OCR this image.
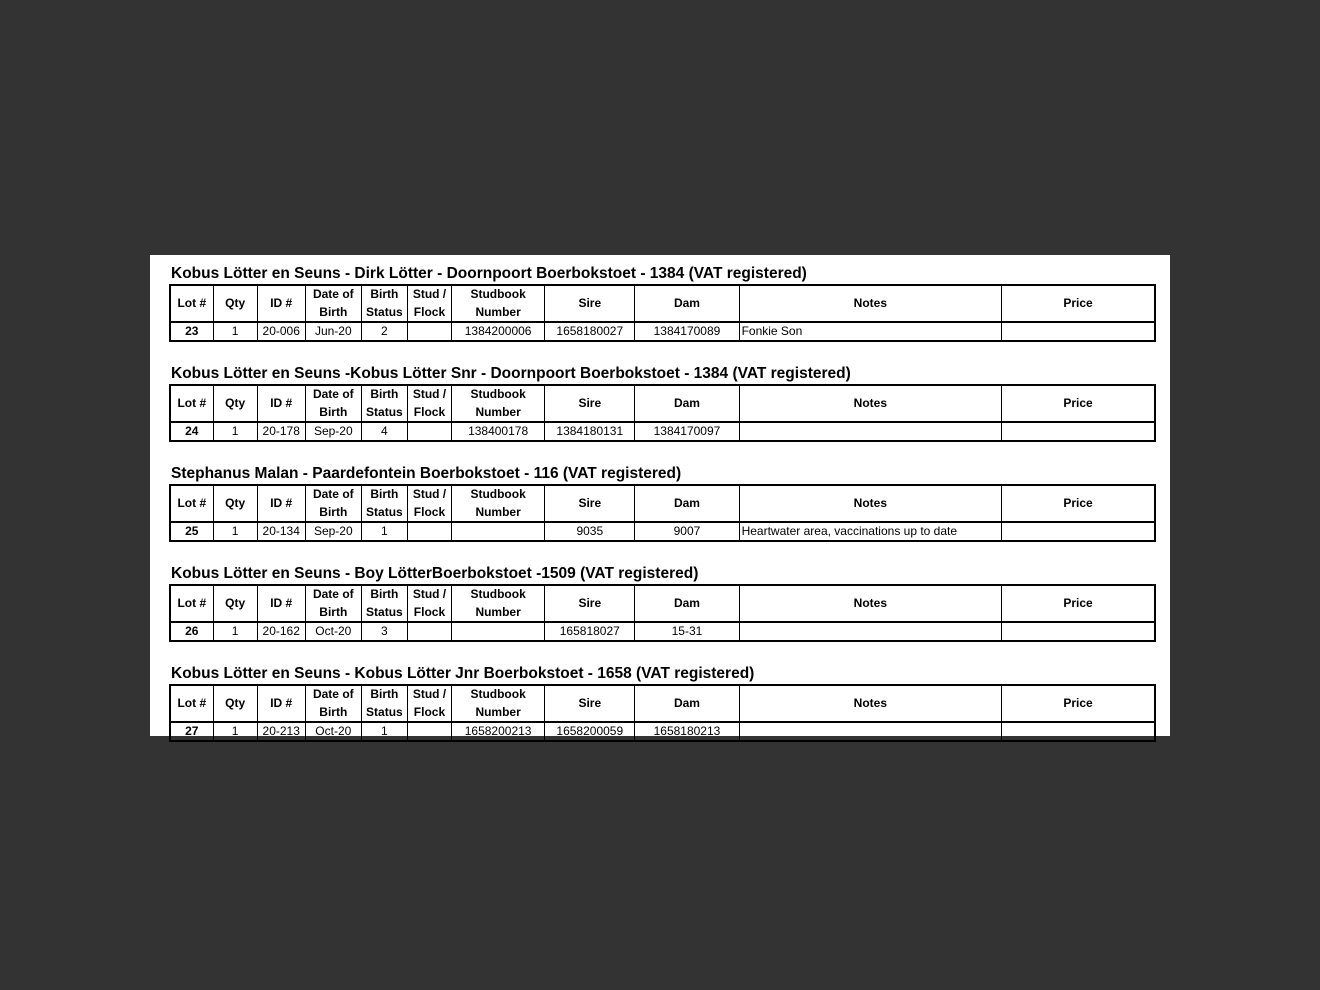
Kobus Lötter en Seuns - Dirk Lötter - Doornpoort Boerbokstoet - 1384 (VAT registered)
Lot #	Qty	ID #	Date of Birth	Birth Status	Stud / Flock	Studbook Number	Sire	Dam	Notes	Price
23	1	20-006	Jun-20	2		1384200006	1658180027	1384170089	Fonkie Son	
Kobus Lötter en Seuns -Kobus Lötter Snr - Doornpoort Boerbokstoet - 1384 (VAT registered)
Lot #	Qty	ID #	Date of Birth	Birth Status	Stud / Flock	Studbook Number	Sire	Dam	Notes	Price
24	1	20-178	Sep-20	4		138400178	1384180131	1384170097		
Stephanus Malan - Paardefontein Boerbokstoet - 116 (VAT registered)
Lot #	Qty	ID #	Date of Birth	Birth Status	Stud / Flock	Studbook Number	Sire	Dam	Notes	Price
25	1	20-134	Sep-20	1			9035	9007	Heartwater area, vaccinations up to date	
Kobus Lötter en Seuns - Boy LötterBoerbokstoet -1509 (VAT registered)
Lot #	Qty	ID #	Date of Birth	Birth Status	Stud / Flock	Studbook Number	Sire	Dam	Notes	Price
26	1	20-162	Oct-20	3			165818027	15-31		
Kobus Lötter en Seuns - Kobus Lötter Jnr Boerbokstoet - 1658 (VAT registered)
Lot #	Qty	ID #	Date of Birth	Birth Status	Stud / Flock	Studbook Number	Sire	Dam	Notes	Price
27	1	20-213	Oct-20	1		1658200213	1658200059	1658180213		
